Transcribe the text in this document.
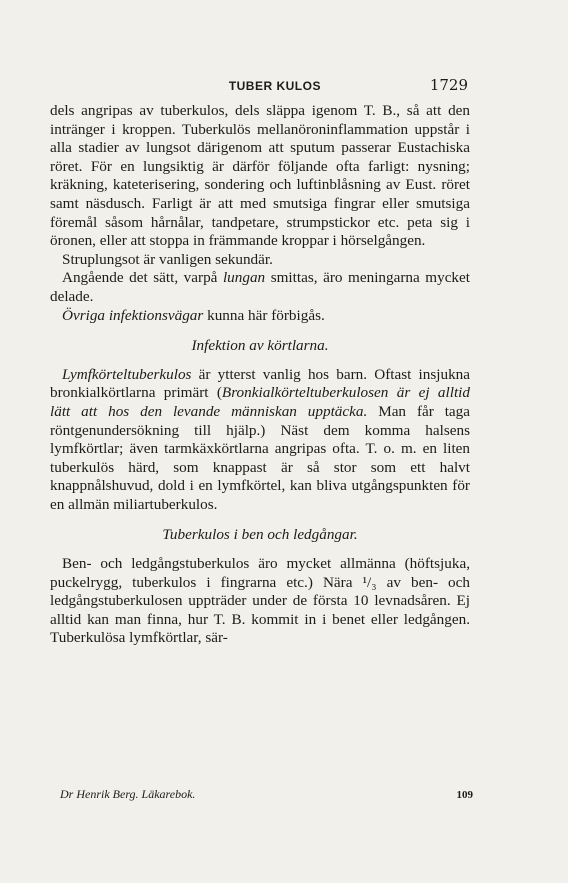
TUBER KULOS	1729

dels angripas av tuberkulos, dels släppa igenom T. B., så att den intränger i kroppen. Tuberkulös mellanöroninflammation uppstår i alla stadier av lungsot därigenom att sputum passerar Eustachiska röret. För en lungsiktig är därför följande ofta farligt: nysning; kräkning, kateterisering, sondering och luftinblåsning av Eust. röret samt näsdusch. Farligt är att med smutsiga fingrar eller smutsiga föremål såsom hårnålar, tandpetare, strumpstickor etc. peta sig i öronen, eller att stoppa in främmande kroppar i hörselgången.

Struplungsot är vanligen sekundär.

Angående det sätt, varpå lungan smittas, äro meningarna mycket delade.

Övriga infektionsvägar kunna här förbigås.

Infektion av körtlarna.

Lymfkörteltuberkulos är ytterst vanlig hos barn. Oftast insjukna bronkialkörtlarna primärt (Bronkialkörteltuberkulosen är ej alltid lätt att hos den levande människan upptäcka. Man får taga röntgenundersökning till hjälp.) Näst dem komma halsens lymfkörtlar; även tarmkäxkörtlarna angripas ofta. T. o. m. en liten tuberkulös härd, som knappast är så stor som ett halvt knappnålshuvud, dold i en lymfkörtel, kan bliva utgångspunkten för en allmän miliartuberkulos.

Tuberkulos i ben och ledgångar.

Ben- och ledgångstuberkulos äro mycket allmänna (höftsjuka, puckelrygg, tuberkulos i fingrarna etc.) Nära ¹/₃ av ben- och ledgångstuberkulosen uppträder under de första 10 levnadsåren. Ej alltid kan man finna, hur T. B. kommit in i benet eller ledgången. Tuberkulösa lymfkörtlar, sär-

Dr Henrik Berg. Läkarebok.	109
